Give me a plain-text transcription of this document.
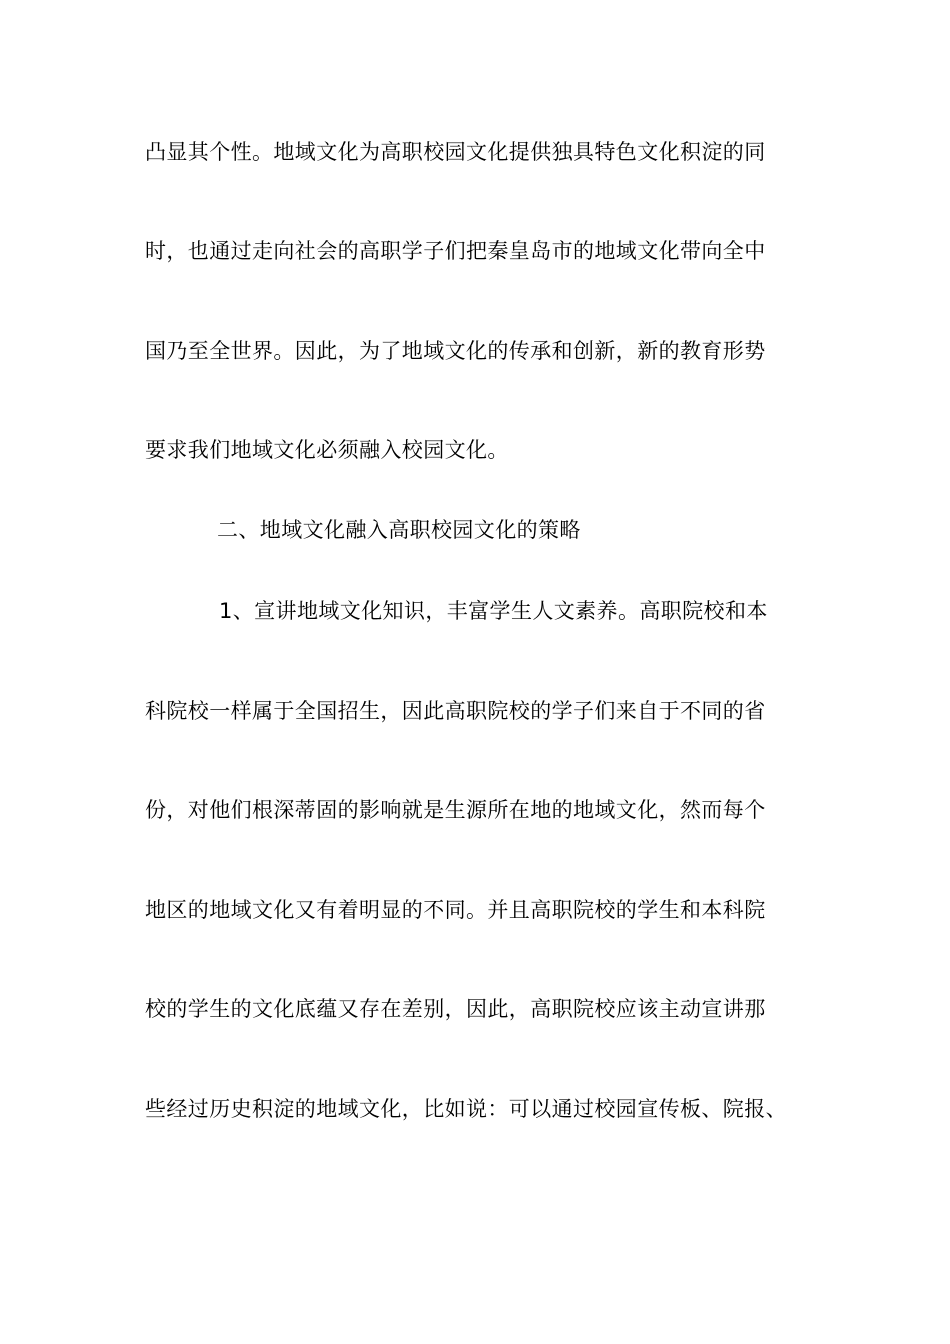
凸显其个性。地域文化为高职校园文化提供独具特色文化积淀的同
时，也通过走向社会的高职学子们把秦皇岛市的地域文化带向全中
国乃至全世界。因此，为了地域文化的传承和创新，新的教育形势
要求我们地域文化必须融入校园文化。
二、地域文化融入高职校园文化的策略
1、宣讲地域文化知识，丰富学生人文素养。高职院校和本
科院校一样属于全国招生，因此高职院校的学子们来自于不同的省
份，对他们根深蒂固的影响就是生源所在地的地域文化，然而每个
地区的地域文化又有着明显的不同。并且高职院校的学生和本科院
校的学生的文化底蕴又存在差别，因此，高职院校应该主动宣讲那
些经过历史积淀的地域文化，比如说：可以通过校园宣传板、院报、
